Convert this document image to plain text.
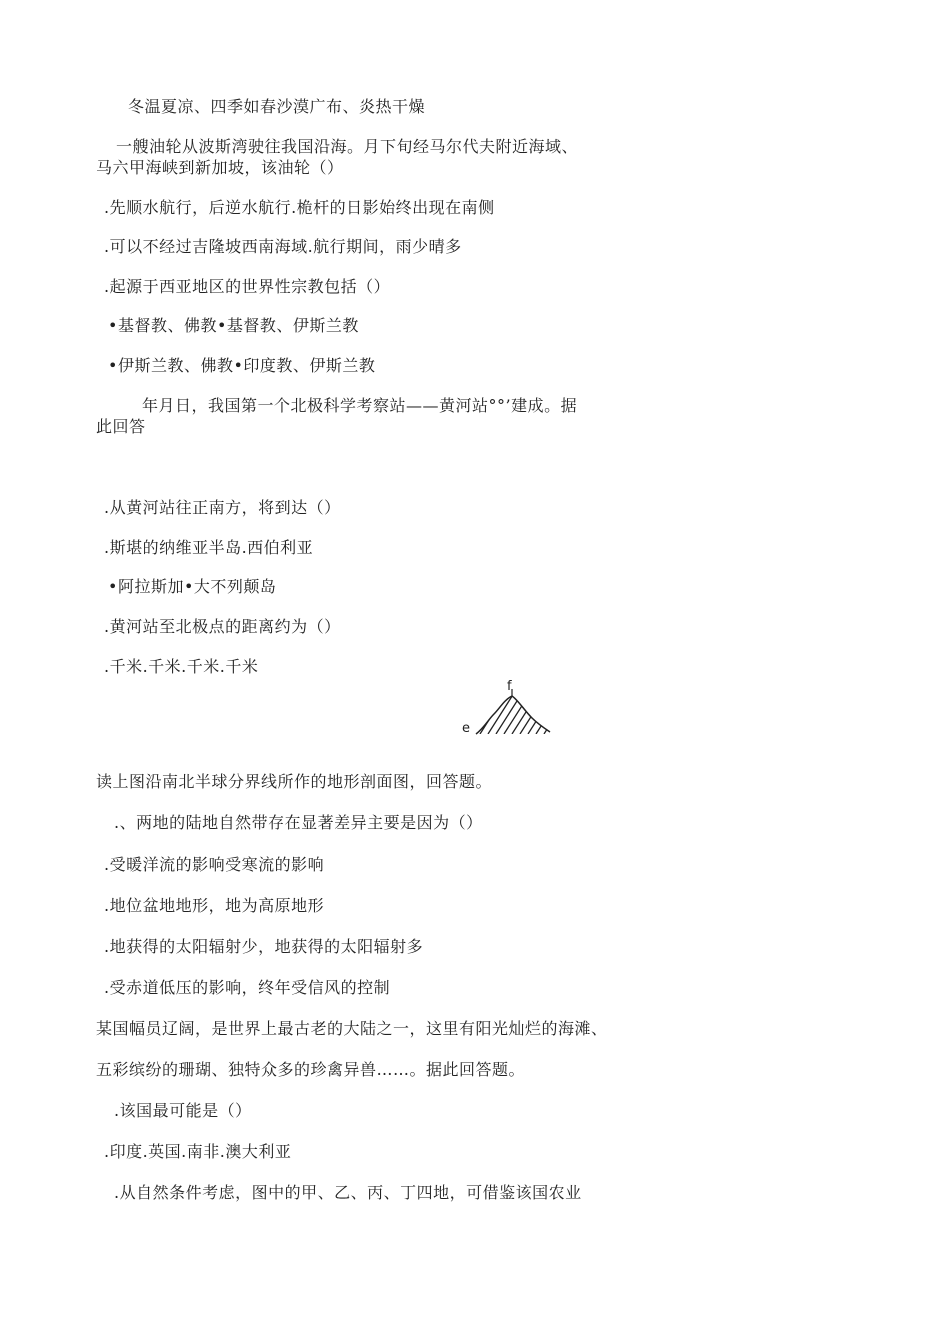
冬温夏凉、四季如春沙漠广布、炎热干燥
一艘油轮从波斯湾驶往我国沿海。月下旬经马尔代夫附近海域、
马六甲海峡到新加坡，该油轮（）
.先顺水航行，后逆水航行.桅杆的日影始终出现在南侧
.可以不经过吉隆坡西南海域.航行期间，雨少晴多
.起源于西亚地区的世界性宗教包括（）
•基督教、佛教•基督教、伊斯兰教
•伊斯兰教、佛教•印度教、伊斯兰教
年月日，我国第一个北极科学考察站——黄河站°°’建成。据
此回答
.从黄河站往正南方，将到达（）
.斯堪的纳维亚半岛.西伯利亚
•阿拉斯加•大不列颠岛
.黄河站至北极点的距离约为（）
.千米.千米.千米.千米
f
e
读上图沿南北半球分界线所作的地形剖面图，回答题。
.、两地的陆地自然带存在显著差异主要是因为（）
.受暖洋流的影响受寒流的影响
.地位盆地地形，地为高原地形
.地获得的太阳辐射少，地获得的太阳辐射多
.受赤道低压的影响，终年受信风的控制
某国幅员辽阔，是世界上最古老的大陆之一，这里有阳光灿烂的海滩、
五彩缤纷的珊瑚、独特众多的珍禽异兽……。据此回答题。
.该国最可能是（）
.印度.英国.南非.澳大利亚
.从自然条件考虑，图中的甲、乙、丙、丁四地，可借鉴该国农业
